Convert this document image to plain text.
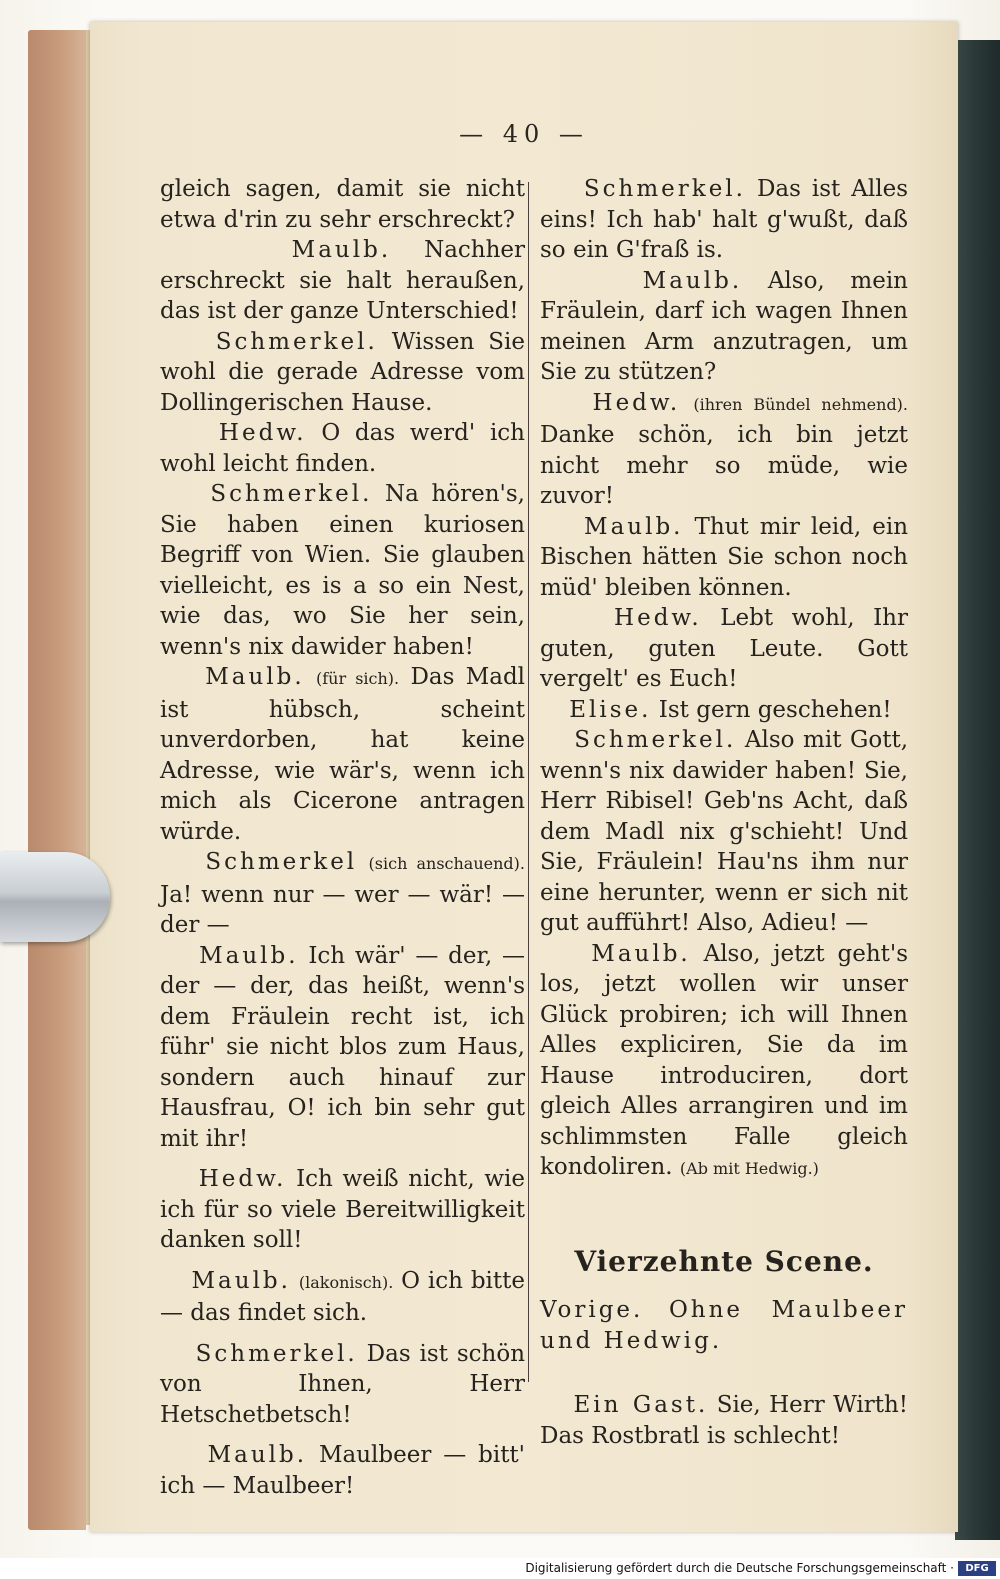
— 40 —

gleich sagen, damit sie nicht etwa d'rin zu sehr erschreckt?

Maulb. Nachher erschreckt sie halt heraußen, das ist der ganze Unterschied!

Schmerkel. Wissen Sie wohl die gerade Adresse vom Dollingerischen Hause.

Hedw. O das werd' ich wohl leicht finden.

Schmerkel. Na hören's, Sie haben einen kuriosen Begriff von Wien. Sie glauben vielleicht, es is a so ein Nest, wie das, wo Sie her sein, wenn's nix dawider haben!

Maulb. (für sich). Das Madl ist hübsch, scheint unverdorben, hat keine Adresse, wie wär's, wenn ich mich als Cicerone antragen würde.

Schmerkel (sich anschauend). Ja! wenn nur — wer — wär! — der —

Maulb. Ich wär' — der, — der — der, das heißt, wenn's dem Fräulein recht ist, ich führ' sie nicht blos zum Haus, sondern auch hinauf zur Hausfrau, O! ich bin sehr gut mit ihr!

Hedw. Ich weiß nicht, wie ich für so viele Bereitwilligkeit danken soll!

Maulb. (lakonisch). O ich bitte — das findet sich.

Schmerkel. Das ist schön von Ihnen, Herr Hetschetbetsch!

Maulb. Maulbeer — bitt' ich — Maulbeer!

Schmerkel. Das ist Alles eins! Ich hab' halt g'wußt, daß so ein G'fraß is.

Maulb. Also, mein Fräulein, darf ich wagen Ihnen meinen Arm anzutragen, um Sie zu stützen?

Hedw. (ihren Bündel nehmend). Danke schön, ich bin jetzt nicht mehr so müde, wie zuvor!

Maulb. Thut mir leid, ein Bischen hätten Sie schon noch müd' bleiben können.

Hedw. Lebt wohl, Ihr guten, guten Leute. Gott vergelt' es Euch!

Elise. Ist gern geschehen!

Schmerkel. Also mit Gott, wenn's nix dawider haben! Sie, Herr Ribisel! Geb'ns Acht, daß dem Madl nix g'schieht! Und Sie, Fräulein! Hau'ns ihm nur eine herunter, wenn er sich nit gut aufführt! Also, Adieu! —

Maulb. Also, jetzt geht's los, jetzt wollen wir unser Glück probiren; ich will Ihnen Alles expliciren, Sie da im Hause introduciren, dort gleich Alles arrangiren und im schlimmsten Falle gleich kondoliren. (Ab mit Hedwig.)

Vierzehnte Scene.

Vorige. Ohne Maulbeer und Hedwig.

Ein Gast. Sie, Herr Wirth! Das Rostbratl is schlecht!

Digitalisierung gefördert durch die Deutsche Forschungsgemeinschaft ·	DFG
